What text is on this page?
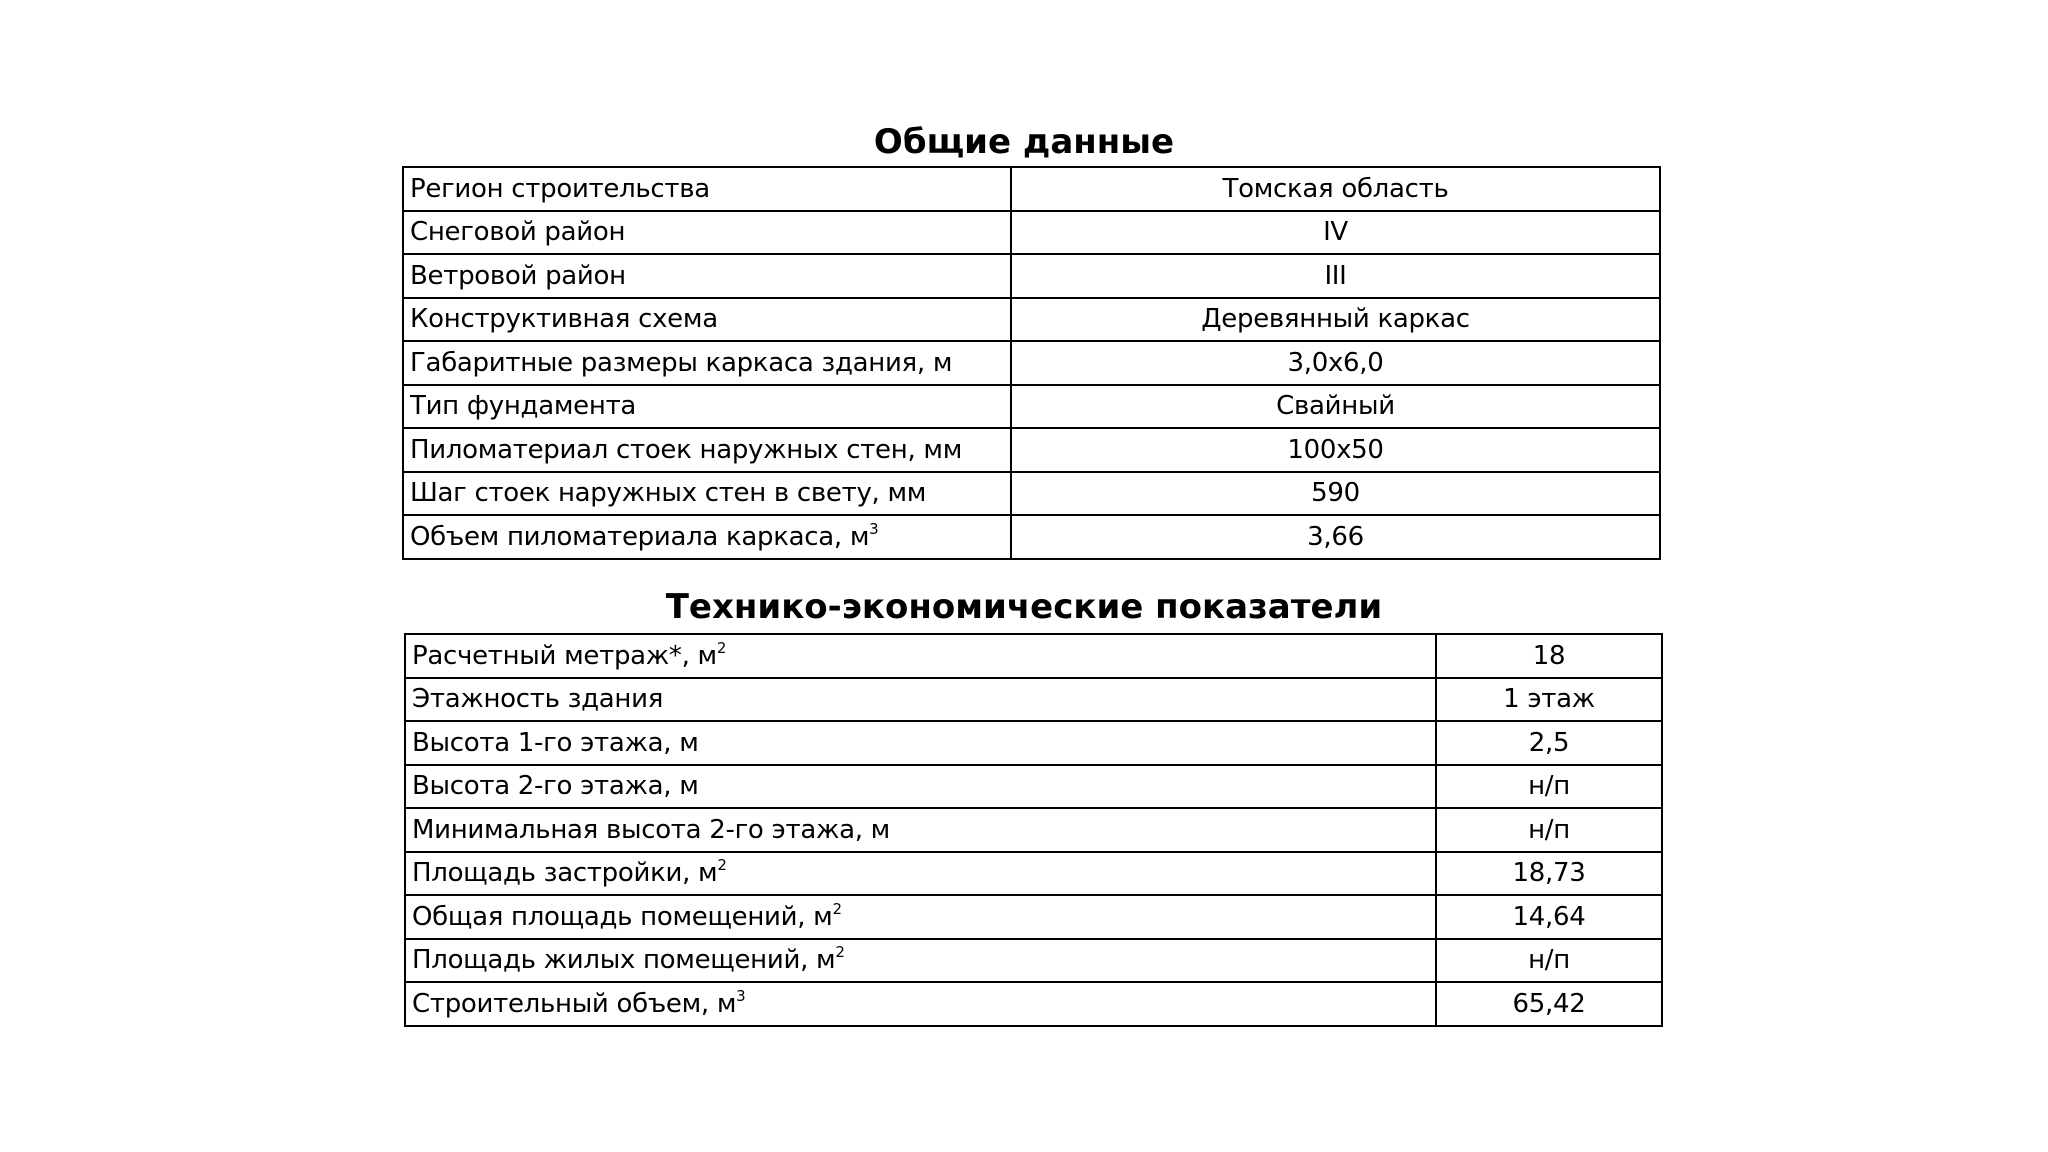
Общие данные
Регион строительства	Томская область
Снеговой район	IV
Ветровой район	III
Конструктивная схема	Деревянный каркас
Габаритные размеры каркаса здания, м	3,0х6,0
Тип фундамента	Свайный
Пиломатериал стоек наружных стен, мм	100х50
Шаг стоек наружных стен в свету, мм	590
Объем пиломатериала каркаса, $м^3$	3,66
Технико-экономические показатели
Расчетный метраж*, $м^2$	18
Этажность здания	1 этаж
Высота 1-го этажа, м	2,5
Высота 2-го этажа, м	н/п
Минимальная высота 2-го этажа, м	н/п
Площадь застройки, $м^2$	18,73
Общая площадь помещений, $м^2$	14,64
Площадь жилых помещений, $м^2$	н/п
Строительный объем, $м^3$	65,42
